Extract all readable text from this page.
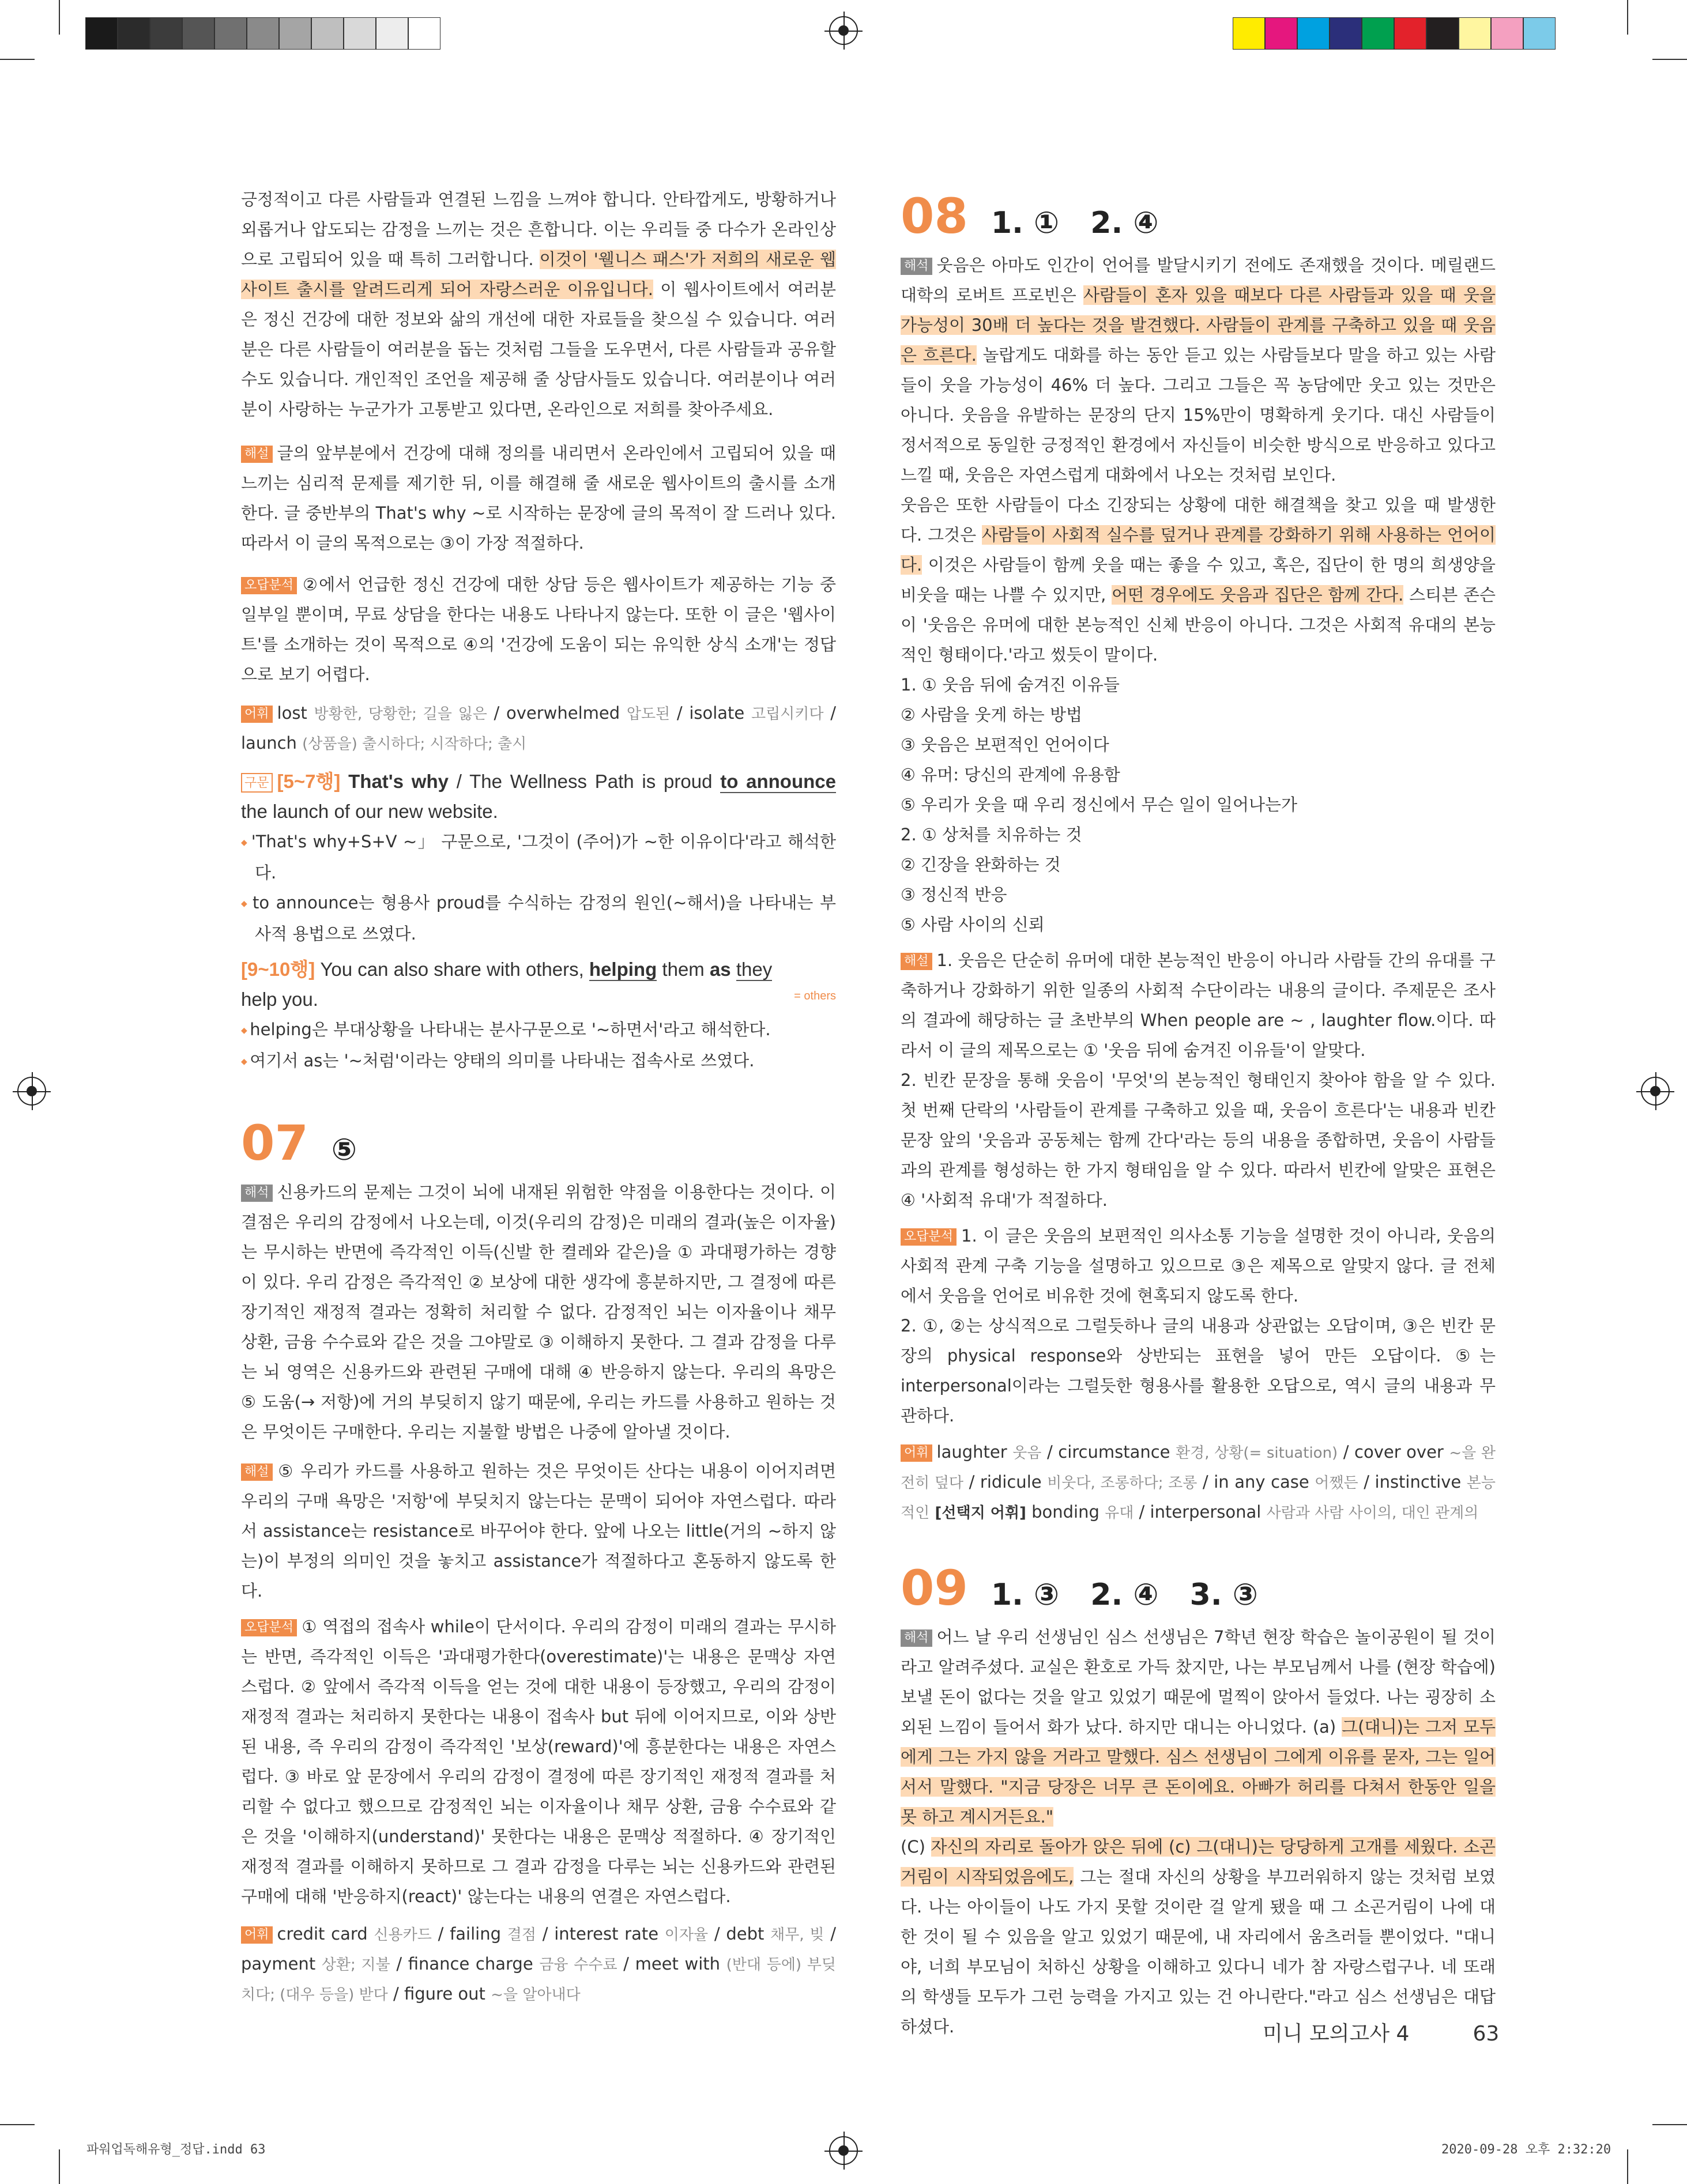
긍정적이고 다른 사람들과 연결된 느낌을 느껴야 합니다. 안타깝게도, 방황하거나 외롭거나 압도되는 감정을 느끼는 것은 흔합니다. 이는 우리들 중 다수가 온라인상으로 고립되어 있을 때 특히 그러합니다. 이것이 '웰니스 패스'가 저희의 새로운 웹사이트 출시를 알려드리게 되어 자랑스러운 이유입니다. 이 웹사이트에서 여러분은 정신 건강에 대한 정보와 삶의 개선에 대한 자료들을 찾으실 수 있습니다. 여러분은 다른 사람들이 여러분을 돕는 것처럼 그들을 도우면서, 다른 사람들과 공유할 수도 있습니다. 개인적인 조언을 제공해 줄 상담사들도 있습니다. 여러분이나 여러분이 사랑하는 누군가가 고통받고 있다면, 온라인으로 저희를 찾아주세요.

해설 글의 앞부분에서 건강에 대해 정의를 내리면서 온라인에서 고립되어 있을 때 느끼는 심리적 문제를 제기한 뒤, 이를 해결해 줄 새로운 웹사이트의 출시를 소개한다. 글 중반부의 That's why ~로 시작하는 문장에 글의 목적이 잘 드러나 있다. 따라서 이 글의 목적으로는 ③이 가장 적절하다.

오답분석 ②에서 언급한 정신 건강에 대한 상담 등은 웹사이트가 제공하는 기능 중 일부일 뿐이며, 무료 상담을 한다는 내용도 나타나지 않는다. 또한 이 글은 '웹사이트'를 소개하는 것이 목적으로 ④의 '건강에 도움이 되는 유익한 상식 소개'는 정답으로 보기 어렵다.

어휘 lost 방황한, 당황한; 길을 잃은 / overwhelmed 압도된 / isolate 고립시키다 / launch (상품을) 출시하다; 시작하다; 출시

구문 [5~7행] That's why / The Wellness Path is proud to announce the launch of our new website.

◆ 'That's why+S+V ~」 구문으로, '그것이 (주어)가 ~한 이유이다'라고 해석한다.

◆ to announce는 형용사 proud를 수식하는 감정의 원인(~해서)을 나타내는 부사적 용법으로 쓰였다.

[9~10행] You can also share with others, helping them as they
help you.	= others

◆ helping은 부대상황을 나타내는 분사구문으로 '~하면서'라고 해석한다.

◆ 여기서 as는 '~처럼'이라는 양태의 의미를 나타내는 접속사로 쓰였다.

07 ⑤

해석 신용카드의 문제는 그것이 뇌에 내재된 위험한 약점을 이용한다는 것이다. 이 결점은 우리의 감정에서 나오는데, 이것(우리의 감정)은 미래의 결과(높은 이자율)는 무시하는 반면에 즉각적인 이득(신발 한 켤레와 같은)을 ① 과대평가하는 경향이 있다. 우리 감정은 즉각적인 ② 보상에 대한 생각에 흥분하지만, 그 결정에 따른 장기적인 재정적 결과는 정확히 처리할 수 없다. 감정적인 뇌는 이자율이나 채무 상환, 금융 수수료와 같은 것을 그야말로 ③ 이해하지 못한다. 그 결과 감정을 다루는 뇌 영역은 신용카드와 관련된 구매에 대해 ④ 반응하지 않는다. 우리의 욕망은 ⑤ 도움(→ 저항)에 거의 부딪히지 않기 때문에, 우리는 카드를 사용하고 원하는 것은 무엇이든 구매한다. 우리는 지불할 방법은 나중에 알아낼 것이다.

해설 ⑤ 우리가 카드를 사용하고 원하는 것은 무엇이든 산다는 내용이 이어지려면 우리의 구매 욕망은 '저항'에 부딪치지 않는다는 문맥이 되어야 자연스럽다. 따라서 assistance는 resistance로 바꾸어야 한다. 앞에 나오는 little(거의 ~하지 않는)이 부정의 의미인 것을 놓치고 assistance가 적절하다고 혼동하지 않도록 한다.

오답분석 ① 역접의 접속사 while이 단서이다. 우리의 감정이 미래의 결과는 무시하는 반면, 즉각적인 이득은 '과대평가한다(overestimate)'는 내용은 문맥상 자연스럽다. ② 앞에서 즉각적 이득을 얻는 것에 대한 내용이 등장했고, 우리의 감정이 재정적 결과는 처리하지 못한다는 내용이 접속사 but 뒤에 이어지므로, 이와 상반된 내용, 즉 우리의 감정이 즉각적인 '보상(reward)'에 흥분한다는 내용은 자연스럽다. ③ 바로 앞 문장에서 우리의 감정이 결정에 따른 장기적인 재정적 결과를 처리할 수 없다고 했으므로 감정적인 뇌는 이자율이나 채무 상환, 금융 수수료와 같은 것을 '이해하지(understand)' 못한다는 내용은 문맥상 적절하다. ④ 장기적인 재정적 결과를 이해하지 못하므로 그 결과 감정을 다루는 뇌는 신용카드와 관련된 구매에 대해 '반응하지(react)' 않는다는 내용의 연결은 자연스럽다.

어휘 credit card 신용카드 / failing 결점 / interest rate 이자율 / debt 채무, 빚 / payment 상환; 지불 / finance charge 금융 수수료 / meet with (반대 등에) 부딪치다; (대우 등을) 받다 / figure out ~을 알아내다

08 1. ①   2. ④

해석 웃음은 아마도 인간이 언어를 발달시키기 전에도 존재했을 것이다. 메릴랜드 대학의 로버트 프로빈은 사람들이 혼자 있을 때보다 다른 사람들과 있을 때 웃을 가능성이 30배 더 높다는 것을 발견했다. 사람들이 관계를 구축하고 있을 때 웃음은 흐른다. 놀랍게도 대화를 하는 동안 듣고 있는 사람들보다 말을 하고 있는 사람들이 웃을 가능성이 46% 더 높다. 그리고 그들은 꼭 농담에만 웃고 있는 것만은 아니다. 웃음을 유발하는 문장의 단지 15%만이 명확하게 웃기다. 대신 사람들이 정서적으로 동일한 긍정적인 환경에서 자신들이 비슷한 방식으로 반응하고 있다고 느낄 때, 웃음은 자연스럽게 대화에서 나오는 것처럼 보인다.

웃음은 또한 사람들이 다소 긴장되는 상황에 대한 해결책을 찾고 있을 때 발생한다. 그것은 사람들이 사회적 실수를 덮거나 관계를 강화하기 위해 사용하는 언어이다. 이것은 사람들이 함께 웃을 때는 좋을 수 있고, 혹은, 집단이 한 명의 희생양을 비웃을 때는 나쁠 수 있지만, 어떤 경우에도 웃음과 집단은 함께 간다. 스티븐 존슨이 '웃음은 유머에 대한 본능적인 신체 반응이 아니다. 그것은 사회적 유대의 본능적인 형태이다.'라고 썼듯이 말이다.

1. ① 웃음 뒤에 숨겨진 이유들

② 사람을 웃게 하는 방법

③ 웃음은 보편적인 언어이다

④ 유머: 당신의 관계에 유용함

⑤ 우리가 웃을 때 우리 정신에서 무슨 일이 일어나는가

2. ① 상처를 치유하는 것

② 긴장을 완화하는 것

③ 정신적 반응

⑤ 사람 사이의 신뢰

해설 1. 웃음은 단순히 유머에 대한 본능적인 반응이 아니라 사람들 간의 유대를 구축하거나 강화하기 위한 일종의 사회적 수단이라는 내용의 글이다. 주제문은 조사의 결과에 해당하는 글 초반부의 When people are ~ , laughter flow.이다. 따라서 이 글의 제목으로는 ① '웃음 뒤에 숨겨진 이유들'이 알맞다.

2. 빈칸 문장을 통해 웃음이 '무엇'의 본능적인 형태인지 찾아야 함을 알 수 있다. 첫 번째 단락의 '사람들이 관계를 구축하고 있을 때, 웃음이 흐른다'는 내용과 빈칸 문장 앞의 '웃음과 공동체는 함께 간다'라는 등의 내용을 종합하면, 웃음이 사람들과의 관계를 형성하는 한 가지 형태임을 알 수 있다. 따라서 빈칸에 알맞은 표현은 ④ '사회적 유대'가 적절하다.

오답분석 1. 이 글은 웃음의 보편적인 의사소통 기능을 설명한 것이 아니라, 웃음의 사회적 관계 구축 기능을 설명하고 있으므로 ③은 제목으로 알맞지 않다. 글 전체에서 웃음을 언어로 비유한 것에 현혹되지 않도록 한다.

2. ①, ②는 상식적으로 그럴듯하나 글의 내용과 상관없는 오답이며, ③은 빈칸 문장의 physical response와 상반되는 표현을 넣어 만든 오답이다. ⑤는 interpersonal이라는 그럴듯한 형용사를 활용한 오답으로, 역시 글의 내용과 무관하다.

어휘 laughter 웃음 / circumstance 환경, 상황(= situation) / cover over ~을 완전히 덮다 / ridicule 비웃다, 조롱하다; 조롱 / in any case 어쨌든 / instinctive 본능적인 [선택지 어휘] bonding 유대 / interpersonal 사람과 사람 사이의, 대인 관계의

09 1. ③   2. ④   3. ③

해석 어느 날 우리 선생님인 심스 선생님은 7학년 현장 학습은 놀이공원이 될 것이라고 알려주셨다. 교실은 환호로 가득 찼지만, 나는 부모님께서 나를 (현장 학습에) 보낼 돈이 없다는 것을 알고 있었기 때문에 멀찍이 앉아서 들었다. 나는 굉장히 소외된 느낌이 들어서 화가 났다. 하지만 대니는 아니었다. (a) 그(대니)는 그저 모두에게 그는 가지 않을 거라고 말했다. 심스 선생님이 그에게 이유를 묻자, 그는 일어서서 말했다. "지금 당장은 너무 큰 돈이에요. 아빠가 허리를 다쳐서 한동안 일을 못 하고 계시거든요."
(C) 자신의 자리로 돌아가 앉은 뒤에 (c) 그(대니)는 당당하게 고개를 세웠다. 소곤거림이 시작되었음에도, 그는 절대 자신의 상황을 부끄러워하지 않는 것처럼 보였다. 나는 아이들이 나도 가지 못할 것이란 걸 알게 됐을 때 그 소곤거림이 나에 대한 것이 될 수 있음을 알고 있었기 때문에, 내 자리에서 움츠러들 뿐이었다. "대니야, 너희 부모님이 처하신 상황을 이해하고 있다니 네가 참 자랑스럽구나. 네 또래의 학생들 모두가 그런 능력을 가지고 있는 건 아니란다."라고 심스 선생님은 대답하셨다.	미니 모의고사 4	63
파워업독해유형_정답.indd 63	2020-09-28 오후 2:32:20
